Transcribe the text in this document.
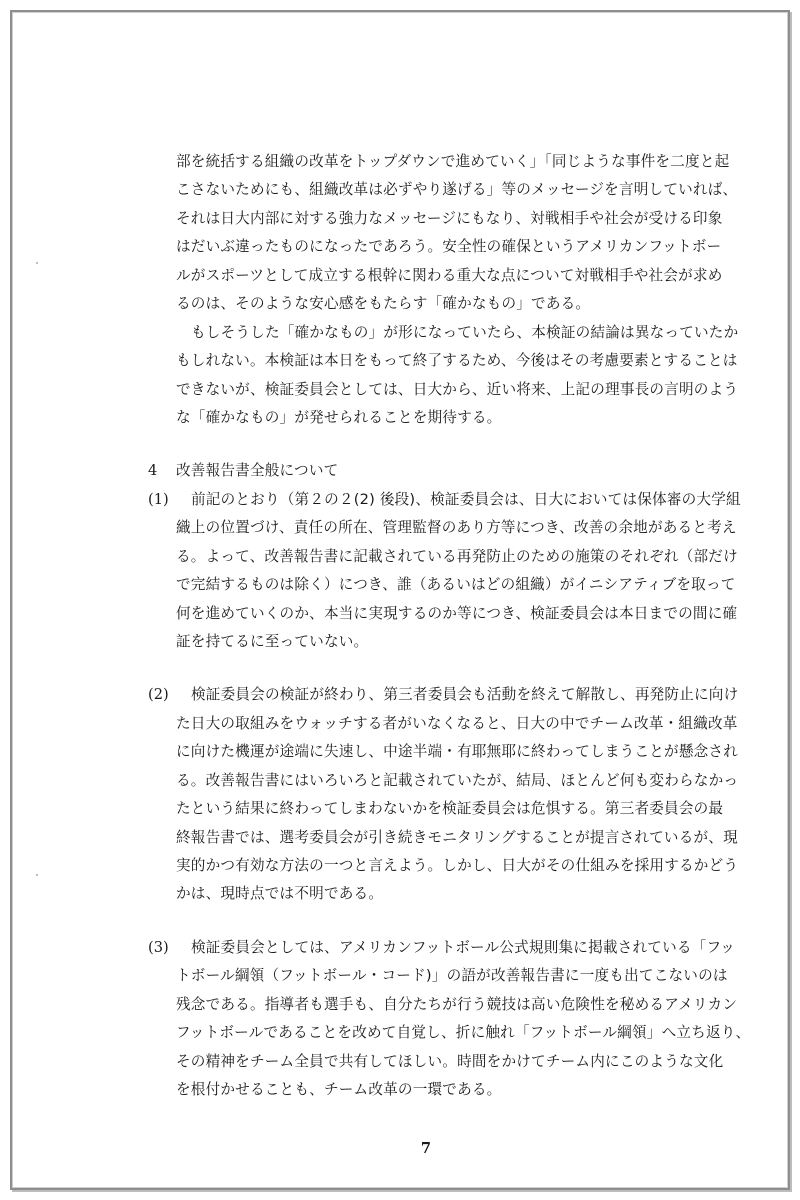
部を統括する組織の改革をトップダウンで進めていく」「同じような事件を二度と起
こさないためにも、組織改革は必ずやり遂げる」等のメッセージを言明していれば、
それは日大内部に対する強力なメッセージにもなり、対戦相手や社会が受ける印象
はだいぶ違ったものになったであろう。安全性の確保というアメリカンフットボー
ルがスポーツとして成立する根幹に関わる重大な点について対戦相手や社会が求め
るのは、そのような安心感をもたらす「確かなもの」である。
もしそうした「確かなもの」が形になっていたら、本検証の結論は異なっていたか
もしれない。本検証は本日をもって終了するため、今後はその考慮要素とすることは
できないが、検証委員会としては、日大から、近い将来、上記の理事長の言明のよう
な「確かなもの」が発せられることを期待する。
4 改善報告書全般について
(1) 前記のとおり（第２の２(2) 後段)、検証委員会は、日大においては保体審の大学組
織上の位置づけ、責任の所在、管理監督のあり方等につき、改善の余地があると考え
る。よって、改善報告書に記載されている再発防止のための施策のそれぞれ（部だけ
で完結するものは除く）につき、誰（あるいはどの組織）がイニシアティブを取って
何を進めていくのか、本当に実現するのか等につき、検証委員会は本日までの間に確
証を持てるに至っていない。
(2) 検証委員会の検証が終わり、第三者委員会も活動を終えて解散し、再発防止に向け
た日大の取組みをウォッチする者がいなくなると、日大の中でチーム改革・組織改革
に向けた機運が途端に失速し、中途半端・有耶無耶に終わってしまうことが懸念され
る。改善報告書にはいろいろと記載されていたが、結局、ほとんど何も変わらなかっ
たという結果に終わってしまわないかを検証委員会は危惧する。第三者委員会の最
終報告書では、選考委員会が引き続きモニタリングすることが提言されているが、現
実的かつ有効な方法の一つと言えよう。しかし、日大がその仕組みを採用するかどう
かは、現時点では不明である。
(3) 検証委員会としては、アメリカンフットボール公式規則集に掲載されている「フッ
トボール綱領（フットボール・コード)」の語が改善報告書に一度も出てこないのは
残念である。指導者も選手も、自分たちが行う競技は高い危険性を秘めるアメリカン
フットボールであることを改めて自覚し、折に触れ「フットボール綱領」へ立ち返り、
その精神をチーム全員で共有してほしい。時間をかけてチーム内にこのような文化
を根付かせることも、チーム改革の一環である。
7
